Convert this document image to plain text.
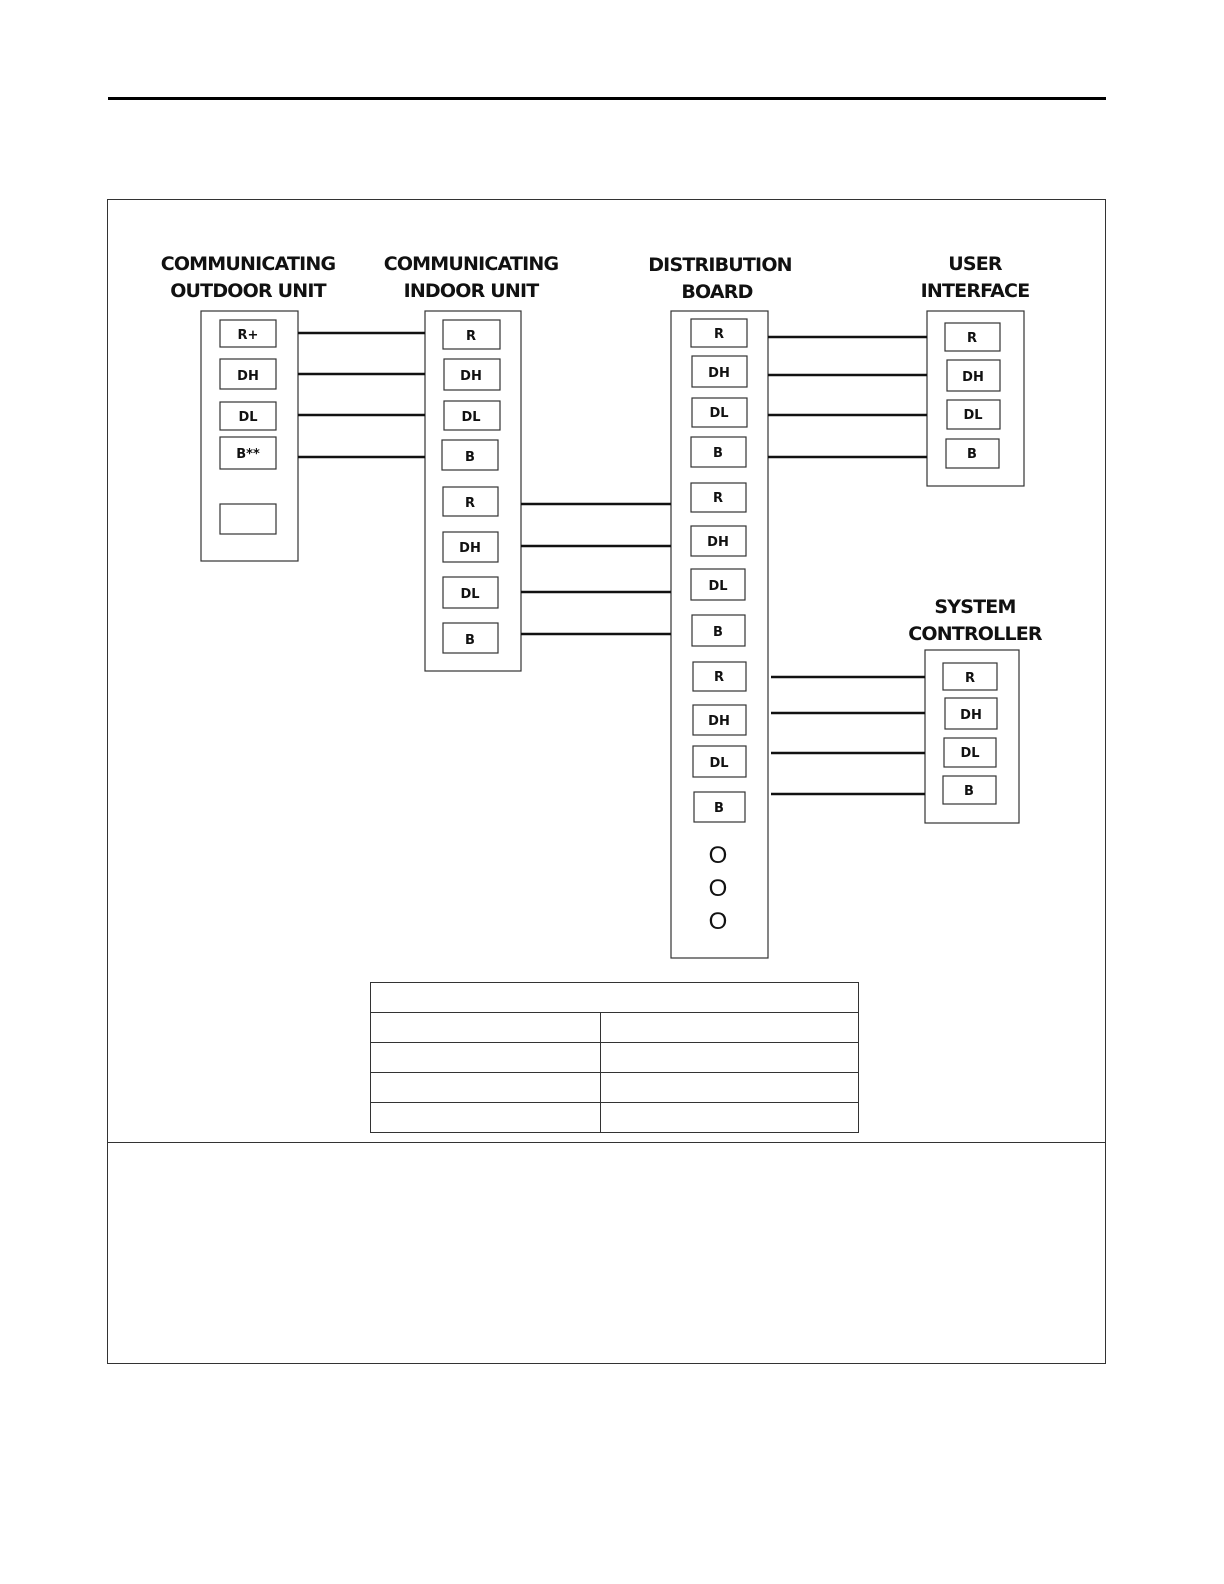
COMMUNICATING
OUTDOOR UNIT
COMMUNICATING
INDOOR UNIT
DISTRIBUTION
BOARD
USER
INTERFACE
SYSTEM
CONTROLLER
R+
DH
DL
B**
R
DH
DL
B
R
DH
DL
B
R
DH
DL
B
R
DH
DL
B
R
DH
DL
B
O
O
O
R
DH
DL
B
R
DH
DL
B
